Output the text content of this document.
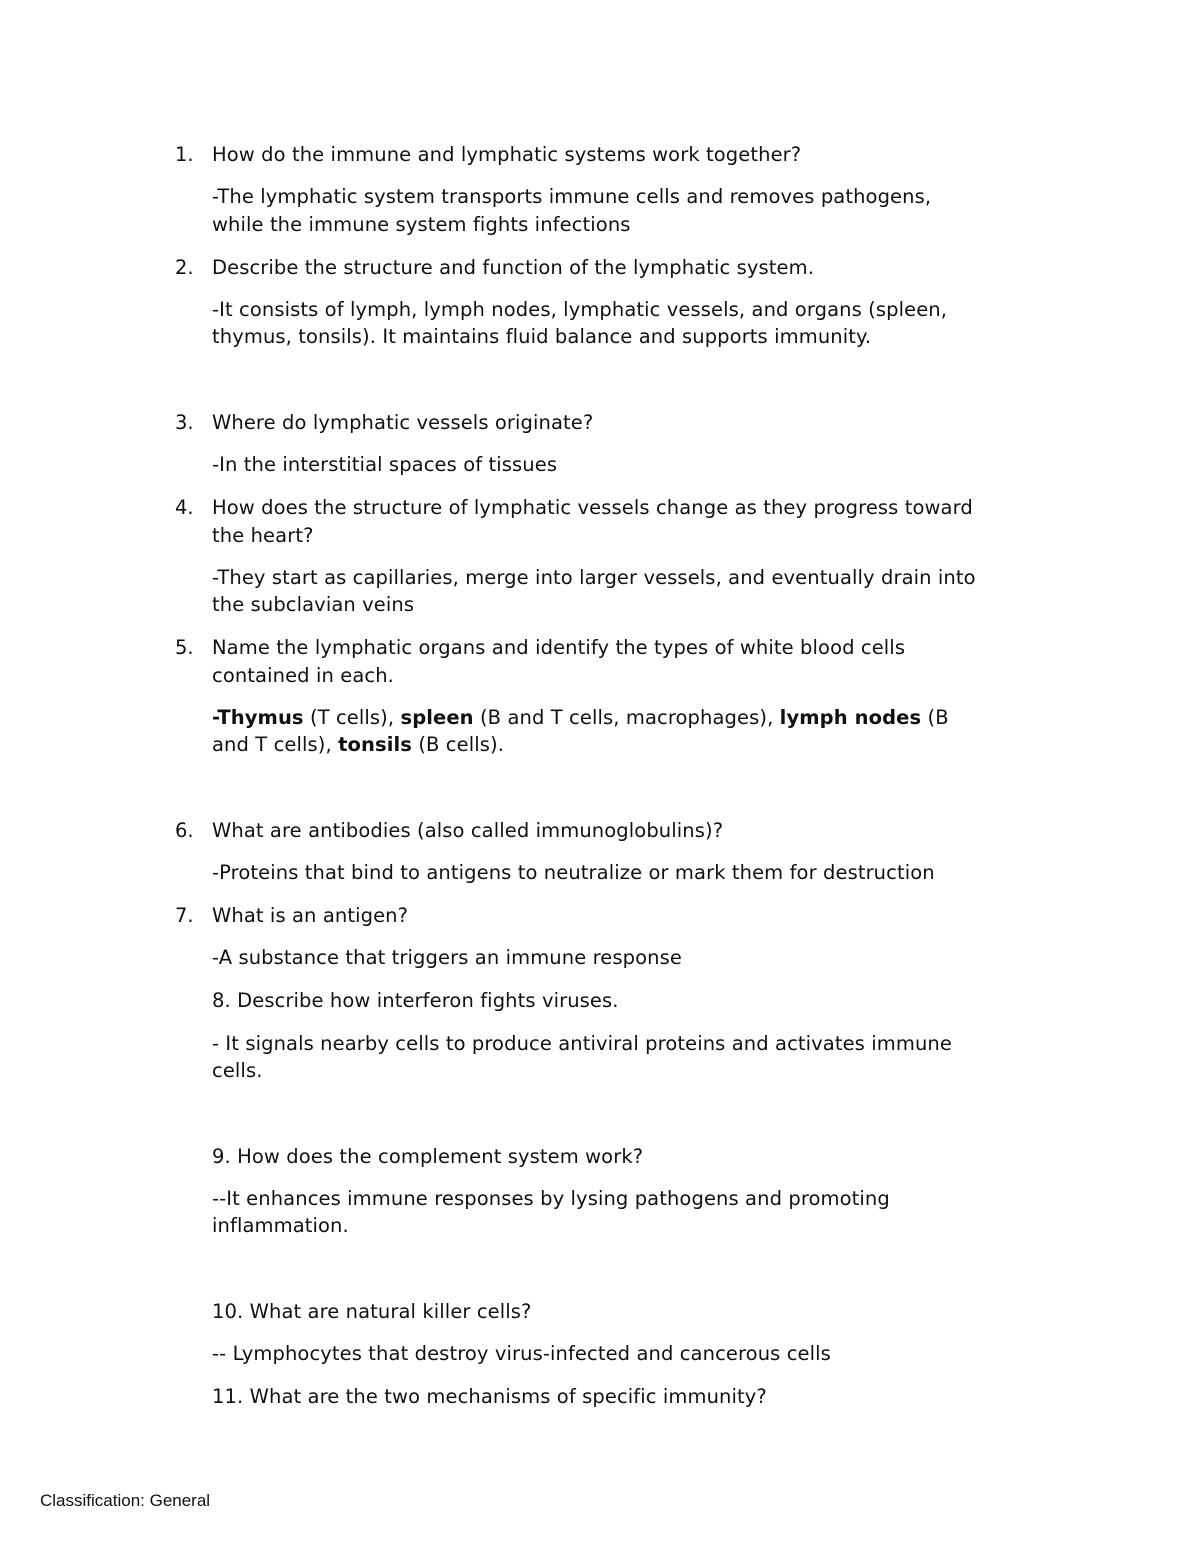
1. How do the immune and lymphatic systems work together?
-The lymphatic system transports immune cells and removes pathogens,
while the immune system fights infections
2. Describe the structure and function of the lymphatic system.
-It consists of lymph, lymph nodes, lymphatic vessels, and organs (spleen,
thymus, tonsils). It maintains fluid balance and supports immunity.
3. Where do lymphatic vessels originate?
-In the interstitial spaces of tissues
4. How does the structure of lymphatic vessels change as they progress toward
the heart?
-They start as capillaries, merge into larger vessels, and eventually drain into
the subclavian veins
5. Name the lymphatic organs and identify the types of white blood cells
contained in each.
-Thymus (T cells), spleen (B and T cells, macrophages), lymph nodes (B
and T cells), tonsils (B cells).
6. What are antibodies (also called immunoglobulins)?
-Proteins that bind to antigens to neutralize or mark them for destruction
7. What is an antigen?
-A substance that triggers an immune response
8. Describe how interferon fights viruses.
- It signals nearby cells to produce antiviral proteins and activates immune
cells.
9. How does the complement system work?
--It enhances immune responses by lysing pathogens and promoting
inflammation.
10. What are natural killer cells?
-- Lymphocytes that destroy virus-infected and cancerous cells
11. What are the two mechanisms of specific immunity?
Classification: General
